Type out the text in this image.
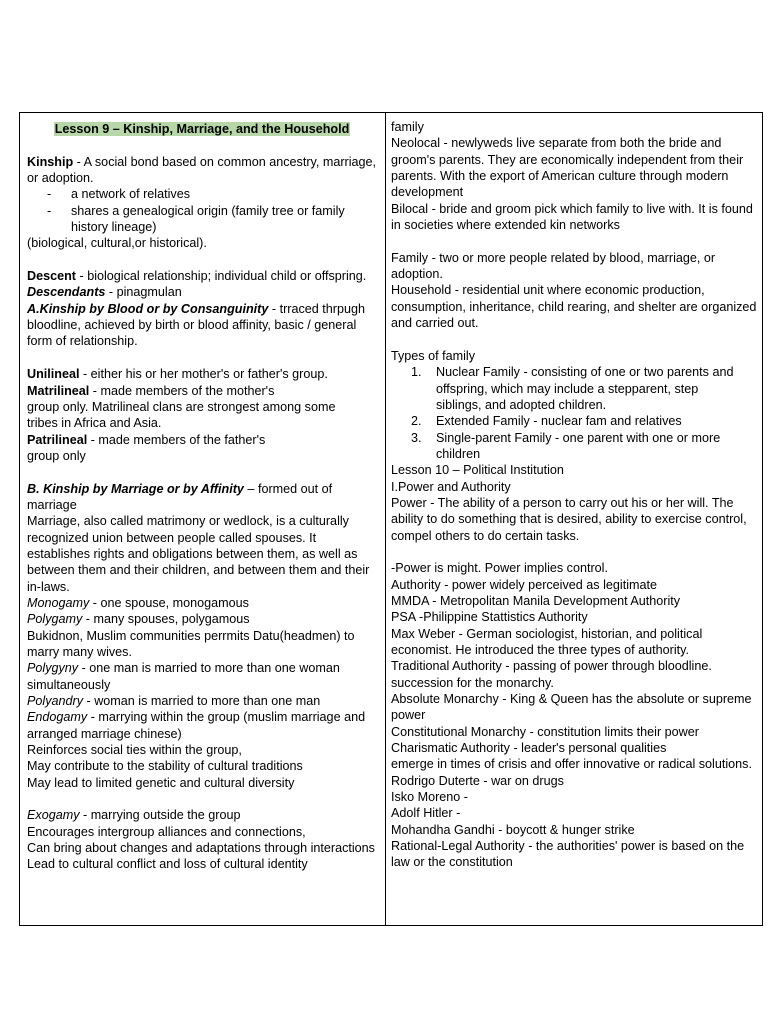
Lesson 9 – Kinship, Marriage, and the Household

Kinship - A social bond based on common ancestry, marriage, or adoption.

-	a network of relatives
-	shares a genealogical origin (family tree or family history lineage)

(biological, cultural,or historical).

Descent - biological relationship; individual child or offspring.

Descendants - pinagmulan

A.Kinship by Blood or by Consanguinity - trraced thrpugh bloodline, achieved by birth or blood affinity, basic / general form of relationship.

Unilineal - either his or her mother's or father's group.

Matrilineal - made members of the mother's

group only. Matrilineal clans are strongest among some

tribes in Africa and Asia.

Patrilineal - made members of the father's

group only

B. Kinship by Marriage or by Affinity – formed out of marriage

Marriage, also called matrimony or wedlock, is a culturally recognized union between people called spouses. It establishes rights and obligations between them, as well as between them and their children, and between them and their

in-laws.

Monogamy - one spouse, monogamous

Polygamy - many spouses, polygamous

Bukidnon, Muslim communities perrmits Datu(headmen) to marry many wives.

Polygyny - one man is married to more than one woman simultaneously

Polyandry - woman is married to more than one man

Endogamy - marrying within the group (muslim marriage and arranged marriage chinese)

Reinforces social ties within the group,

May contribute to the stability of cultural traditions

May lead to limited genetic and cultural diversity

Exogamy - marrying outside the group

Encourages intergroup alliances and connections,

Can bring about changes and adaptations through interactions

Lead to cultural conflict and loss of cultural identity

family

Neolocal - newlyweds live separate from both the bride and groom's parents. They are economically independent from their parents. With the export of American culture through modern development

Bilocal - bride and groom pick which family to live with. It is found in societies where extended kin networks

Family - two or more people related by blood, marriage, or adoption.

Household - residential unit where economic production, consumption, inheritance, child rearing, and shelter are organized and carried out.

Types of family

1.	Nuclear Family - consisting of one or two parents and

offspring, which may include a stepparent, step

siblings, and adopted children.

2.	Extended Family - nuclear fam and relatives
3.	Single-parent Family - one parent with one or more children

Lesson 10 – Political Institution

I.Power and Authority

Power - The ability of a person to carry out his or her will. The ability to do something that is desired, ability to exercise control, compel others to do certain tasks.

-Power is might. Power implies control.

Authority - power widely perceived as legitimate

MMDA - Metropolitan Manila Development Authority

PSA -Philippine Stattistics Authority

Max Weber - German sociologist, historian, and political economist. He introduced the three types of authority.

Traditional Authority - passing of power through bloodline. succession for the monarchy.

Absolute Monarchy - King & Queen has the absolute or supreme power

Constitutional Monarchy - constitution limits their power

Charismatic Authority - leader's personal qualities

emerge in times of crisis and offer innovative or radical solutions.

Rodrigo Duterte - war on drugs

Isko Moreno -

Adolf Hitler -

Mohandha Gandhi - boycott & hunger strike

Rational-Legal Authority - the authorities' power is based on the law or the constitution
